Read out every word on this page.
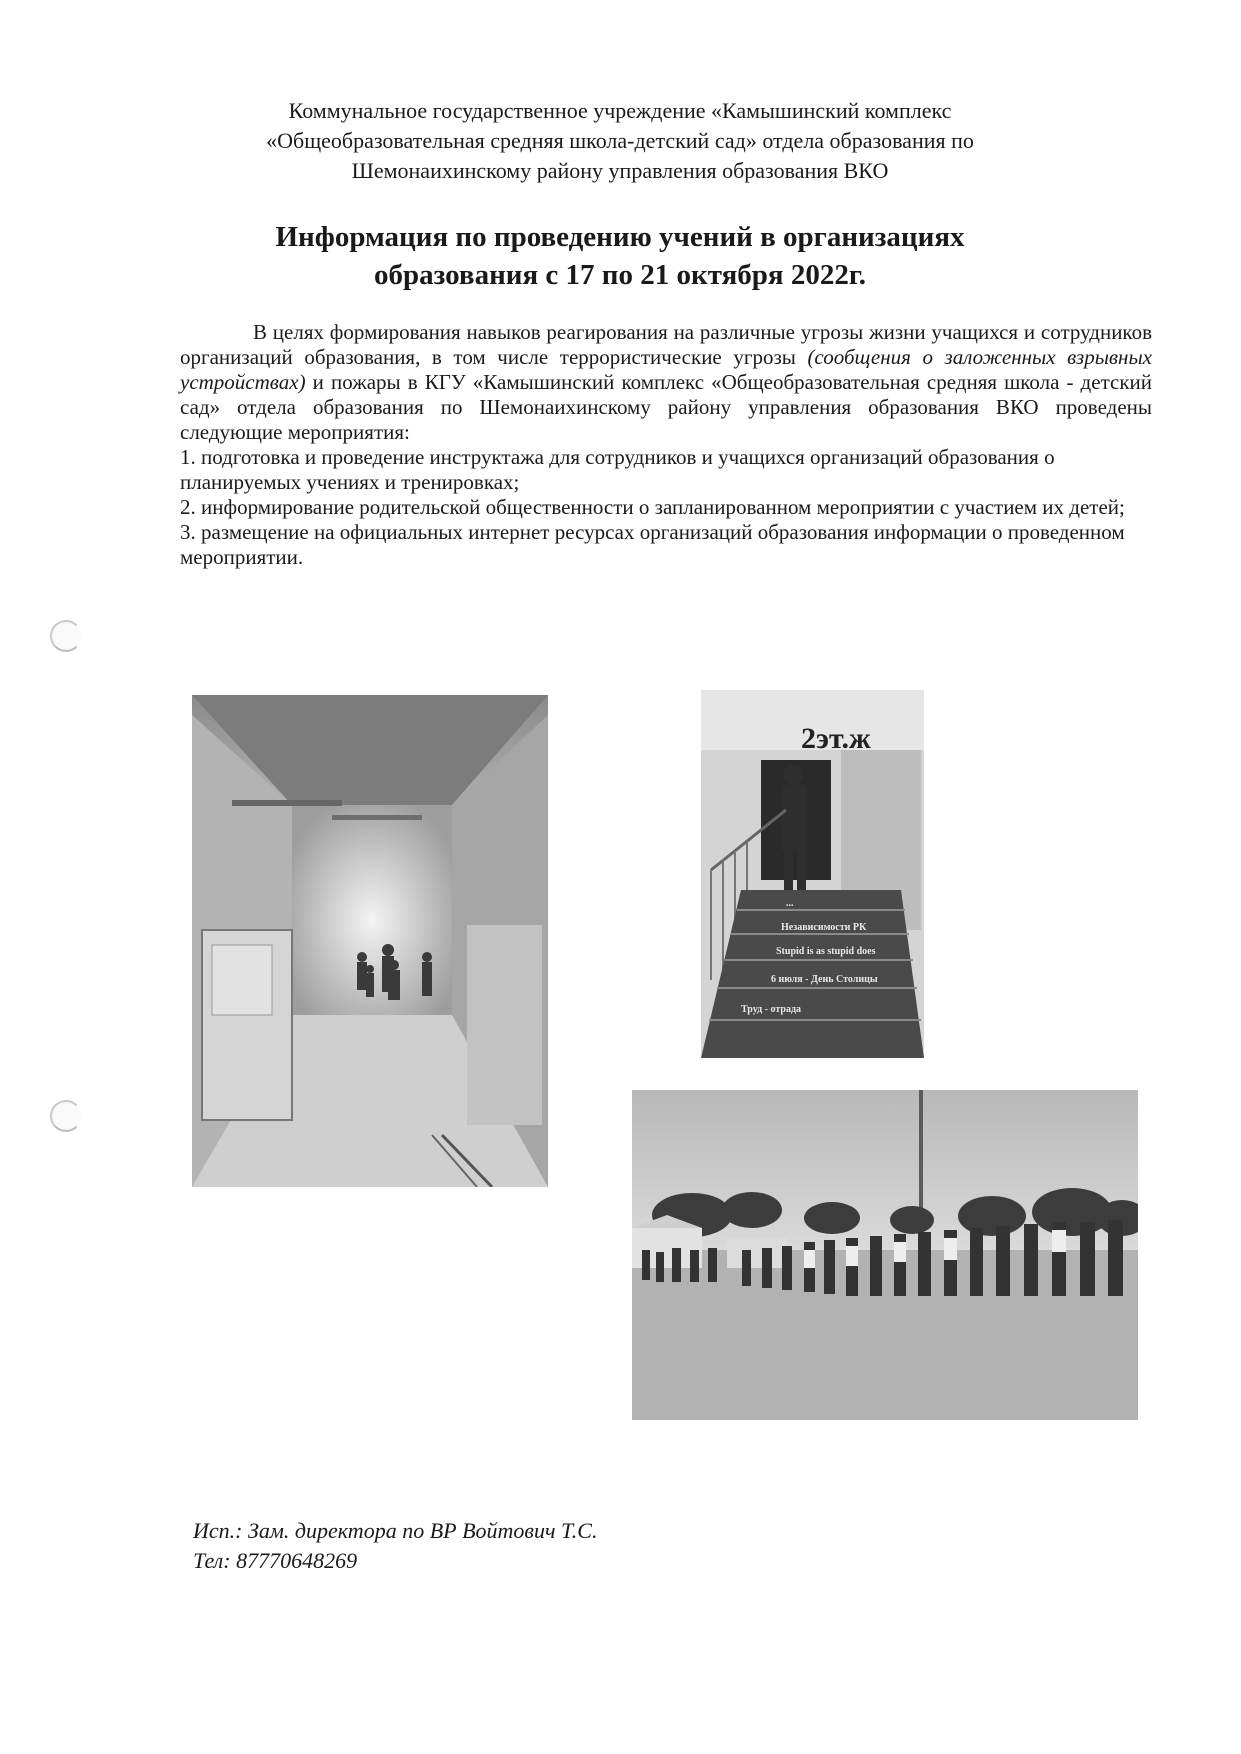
Коммунальное государственное учреждение «Камышинский комплекс
«Общеобразовательная средняя школа-детский сад» отдела образования по
Шемонаихинскому району управления образования ВКО
Информация по проведению учений в организациях
образования с 17 по 21 октября 2022г.

В целях формирования навыков реагирования на различные угрозы жизни учащихся и сотрудников организаций образования, в том числе террористические угрозы (сообщения о заложенных взрывных устройствах) и пожары в КГУ «Камышинский комплекс «Общеобразовательная средняя школа - детский сад» отдела образования по Шемонаихинскому району управления образования ВКО проведены следующие мероприятия:

1. подготовка и проведение инструктажа для сотрудников и учащихся организаций образования о планируемых учениях и тренировках;
2. информирование родительской общественности о запланированном мероприятии с участием их детей;
3. размещение на официальных интернет ресурсах организаций образования информации о проведенном мероприятии.
2эт.ж
...
Независимости РК
Stupid is as stupid does
6 июля - День Столицы
Труд - отрада
Исп.: Зам. директора по ВР Войтович Т.С.
Тел: 87770648269
